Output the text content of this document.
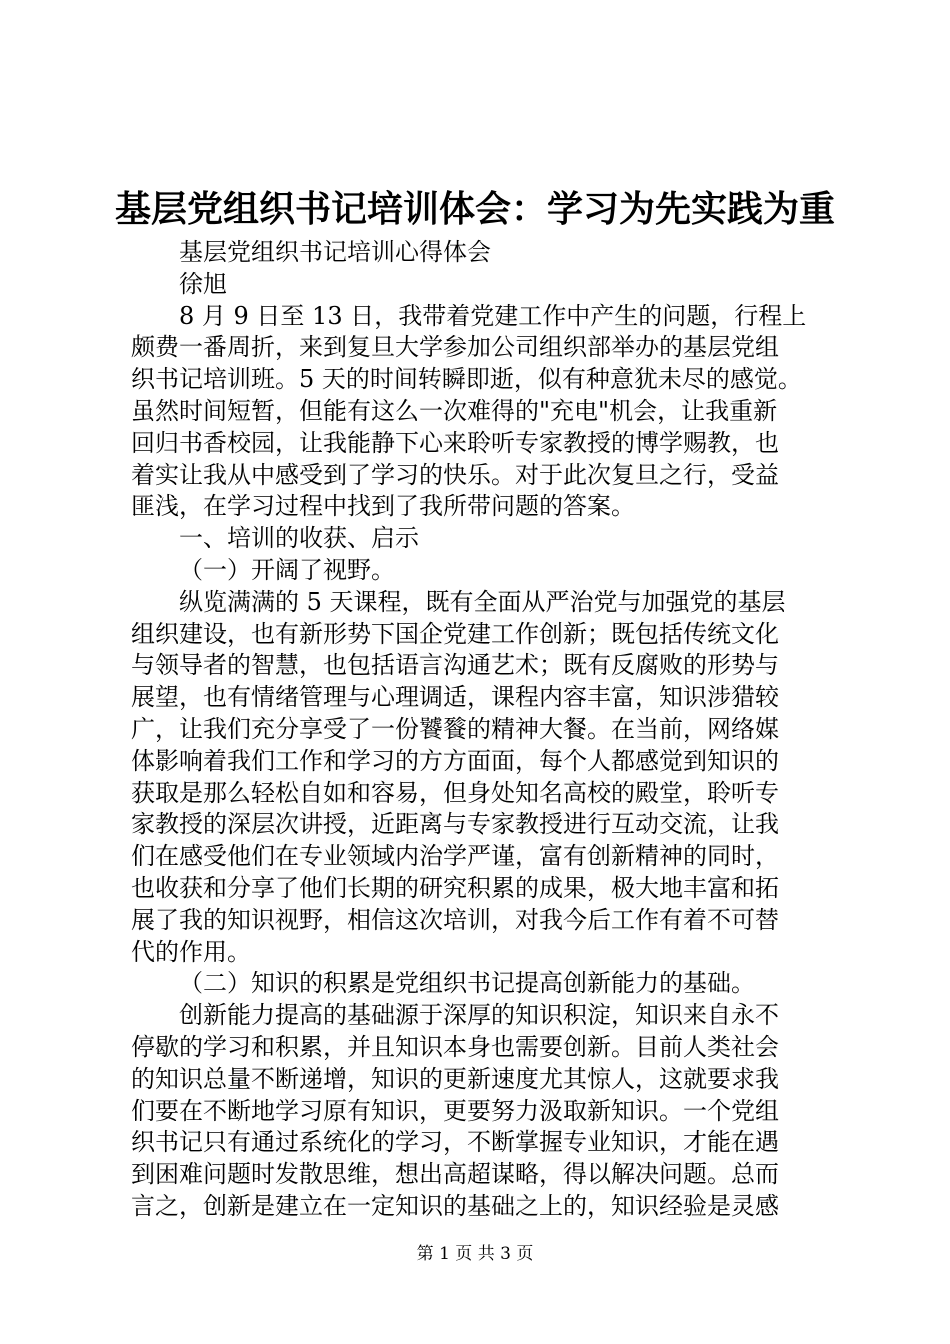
基层党组织书记培训体会：学习为先实践为重
基层党组织书记培训心得体会
徐旭
8 月 9 日至 13 日，我带着党建工作中产生的问题，行程上
颇费一番周折，来到复旦大学参加公司组织部举办的基层党组
织书记培训班。5 天的时间转瞬即逝，似有种意犹未尽的感觉。
虽然时间短暂，但能有这么一次难得的"充电"机会，让我重新
回归书香校园，让我能静下心来聆听专家教授的博学赐教，也
着实让我从中感受到了学习的快乐。对于此次复旦之行，受益
匪浅，在学习过程中找到了我所带问题的答案。
一、培训的收获、启示
（一）开阔了视野。
纵览满满的 5 天课程，既有全面从严治党与加强党的基层
组织建设，也有新形势下国企党建工作创新；既包括传统文化
与领导者的智慧，也包括语言沟通艺术；既有反腐败的形势与
展望，也有情绪管理与心理调适，课程内容丰富，知识涉猎较
广，让我们充分享受了一份饕餮的精神大餐。在当前，网络媒
体影响着我们工作和学习的方方面面，每个人都感觉到知识的
获取是那么轻松自如和容易，但身处知名高校的殿堂，聆听专
家教授的深层次讲授，近距离与专家教授进行互动交流，让我
们在感受他们在专业领域内治学严谨，富有创新精神的同时，
也收获和分享了他们长期的研究积累的成果，极大地丰富和拓
展了我的知识视野，相信这次培训，对我今后工作有着不可替
代的作用。
（二）知识的积累是党组织书记提高创新能力的基础。
创新能力提高的基础源于深厚的知识积淀，知识来自永不
停歇的学习和积累，并且知识本身也需要创新。目前人类社会
的知识总量不断递增，知识的更新速度尤其惊人，这就要求我
们要在不断地学习原有知识，更要努力汲取新知识。一个党组
织书记只有通过系统化的学习，不断掌握专业知识，才能在遇
到困难问题时发散思维，想出高超谋略，得以解决问题。总而
言之，创新是建立在一定知识的基础之上的，知识经验是灵感
第 1 页 共 3 页
